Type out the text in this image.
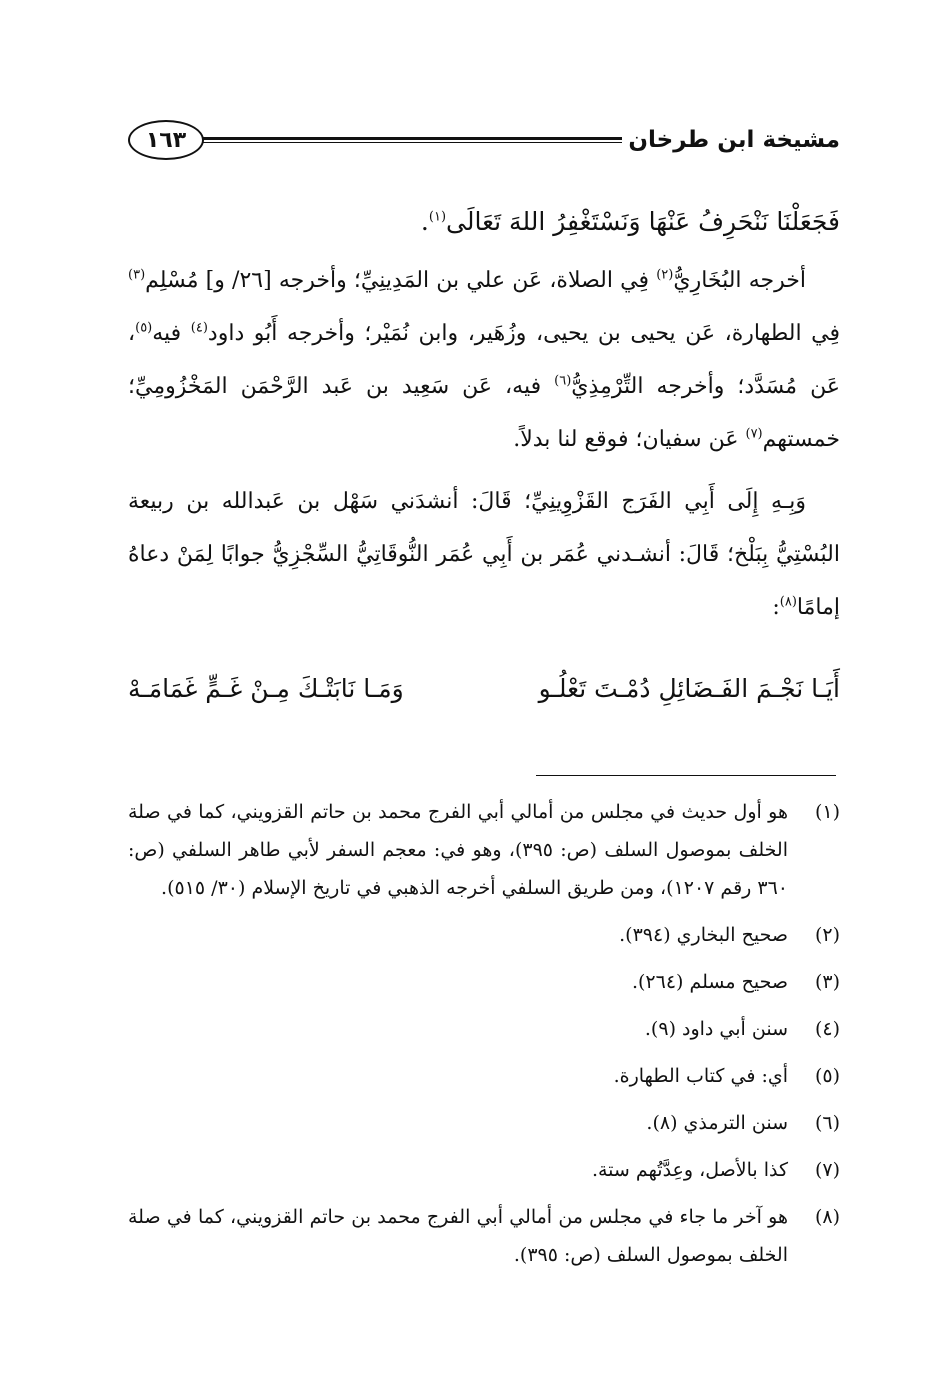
مشيخة ابن طرخان
١٦٣

فَجَعَلْنَا نَنْحَرِفُ عَنْهَا وَنَسْتَغْفِرُ اللهَ تَعَالَى$^{(١)}$.

أخرجه البُخَارِيُّ$^{(٢)}$ فِي الصلاة، عَن علي بن المَدِينِيِّ؛ وأخرجه [٢٦/ و] مُسْلِم$^{(٣)}$ فِي الطهارة، عَن يحيى بن يحيى، وزُهَير، وابن نُمَيْر؛ وأخرجه أَبُو داود$^{(٤)}$ فيه$^{(٥)}$، عَن مُسَدَّد؛ وأخرجه التِّرْمِذِيُّ$^{(٦)}$ فيه، عَن سَعِيد بن عَبد الرَّحْمَن المَخْزُومِيِّ؛ خمستهم$^{(٧)}$ عَن سفيان؛ فوقع لنا بدلاً.

وَبِـهِ إِلَى أَبِي الفَرَج القَزْوِينِيِّ؛ قَالَ: أنشدَني سَهْل بن عَبدالله بن ربيعة البُسْتِيُّ بِبَلْخ؛ قَالَ: أنشـدني عُمَر بن أَبِي عُمَر النُّوقَاتِيُّ السِّجْزِيُّ جوابًا لِمَنْ دعاهُ إمامًا$^{(٨)}$:

أَيَـا نَجْـمَ الفَـضَائِلِ دُمْـتَ تَعْلُـو
وَمَـا نَابَتْـكَ مِـنْ غَـمٍّ غَمَامَـهْ
(١)
هو أول حديث في مجلس من أمالي أبي الفرج محمد بن حاتم القزويني، كما في صلة الخلف بموصول السلف (ص: ٣٩٥)، وهو في: معجم السفر لأبي طاهر السلفي (ص: ٣٦٠ رقم ١٢٠٧)، ومن طريق السلفي أخرجه الذهبي في تاريخ الإسلام (٣٠/ ٥١٥).
(٢)
صحيح البخاري (٣٩٤).
(٣)
صحيح مسلم (٢٦٤).
(٤)
سنن أبي داود (٩).
(٥)
أي: في كتاب الطهارة.
(٦)
سنن الترمذي (٨).
(٧)
كذا بالأصل، وعِدَّتُهم ستة.
(٨)
هو آخر ما جاء في مجلس من أمالي أبي الفرج محمد بن حاتم القزويني، كما في صلة الخلف بموصول السلف (ص: ٣٩٥).
